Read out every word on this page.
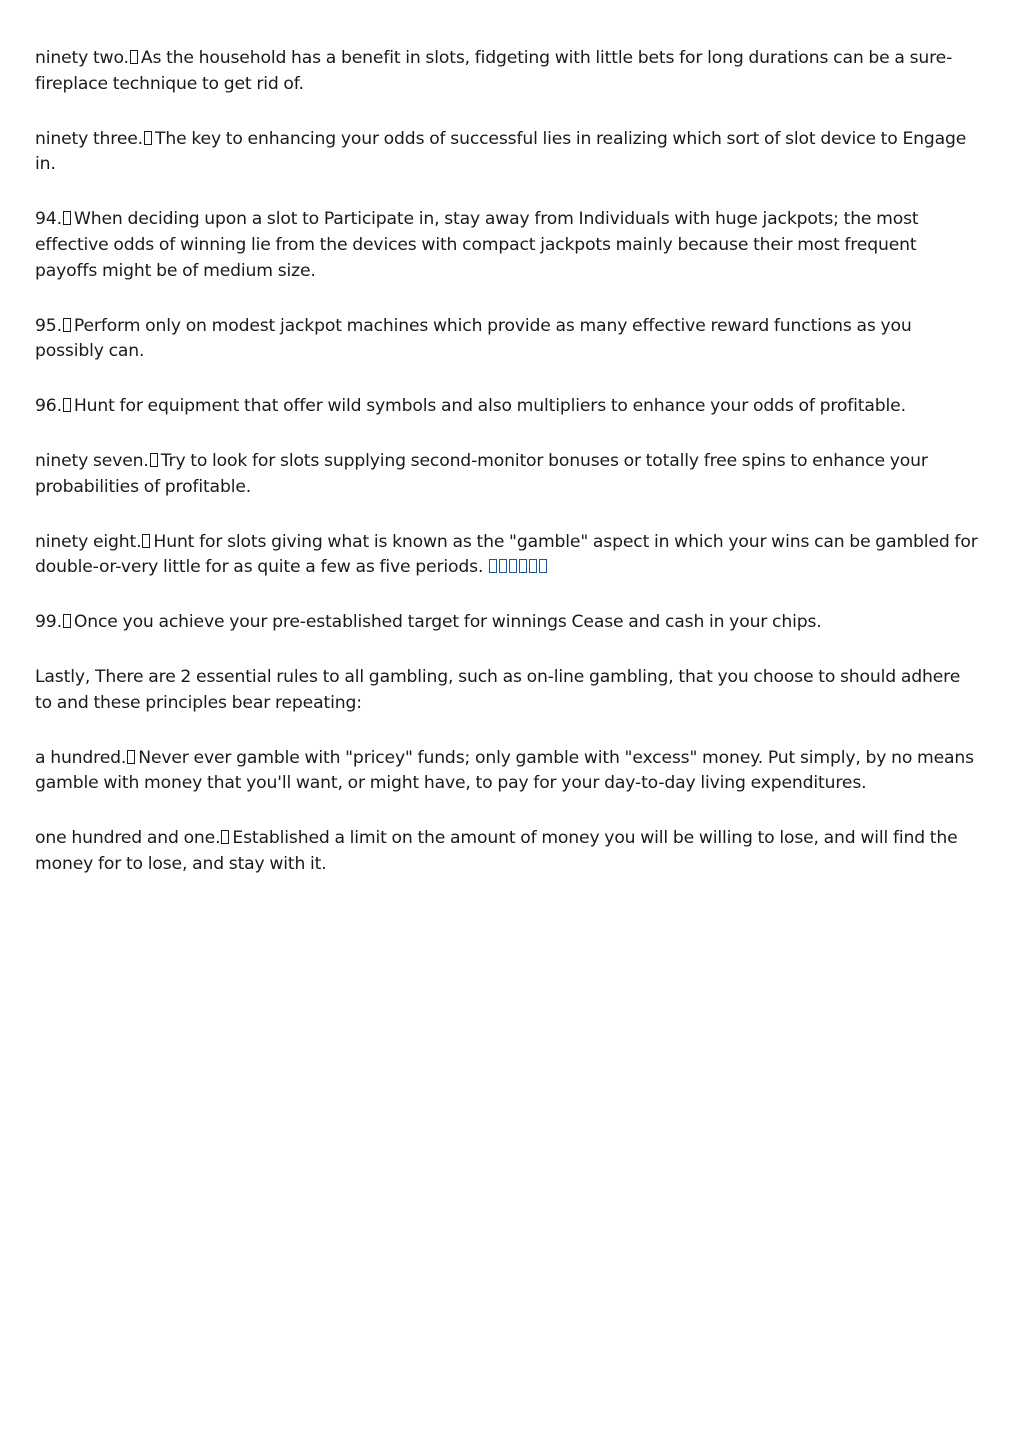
ninety two. As the household has a benefit in slots, fidgeting with little bets for long durations can be a sure-fireplace technique to get rid of.

ninety three. The key to enhancing your odds of successful lies in realizing which sort of slot device to Engage in.

94. When deciding upon a slot to Participate in, stay away from Individuals with huge jackpots; the most effective odds of winning lie from the devices with compact jackpots mainly because their most frequent payoffs might be of medium size.

95. Perform only on modest jackpot machines which provide as many effective reward functions as you possibly can.

96. Hunt for equipment that offer wild symbols and also multipliers to enhance your odds of profitable.

ninety seven. Try to look for slots supplying second-monitor bonuses or totally free spins to enhance your probabilities of profitable.

ninety eight. Hunt for slots giving what is known as the "gamble" aspect in which your wins can be gambled for double-or-very little for as quite a few as five periods.

99. Once you achieve your pre-established target for winnings Cease and cash in your chips.

Lastly, There are 2 essential rules to all gambling, such as on-line gambling, that you choose to should adhere to and these principles bear repeating:

a hundred. Never ever gamble with "pricey" funds; only gamble with "excess" money. Put simply, by no means gamble with money that you'll want, or might have, to pay for your day-to-day living expenditures.

one hundred and one. Established a limit on the amount of money you will be willing to lose, and will find the money for to lose, and stay with it.
